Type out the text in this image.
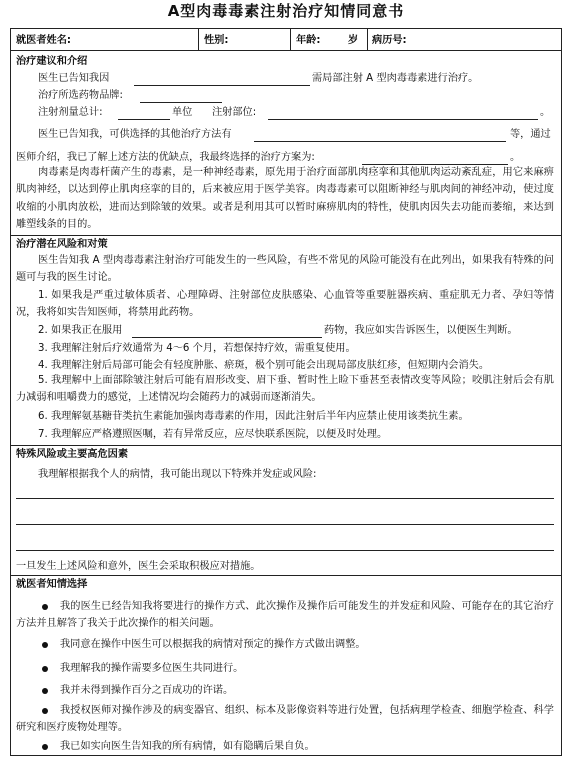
A型肉毒毒素注射治疗知情同意书
就医者姓名:	性别:	年龄:	岁 病历号:
治疗建议和介绍
医生已告知我因	需局部注射 A 型肉毒毒素进行治疗。
治疗所选药物品牌:
注射剂量总计:	单位 注射部位:	。
医生已告知我，可供选择的其他治疗方法有	等，通过
医师介绍，我已了解上述方法的优缺点，我最终选择的治疗方案为:	。
肉毒素是肉毒杆菌产生的毒素，是一种神经毒素，原先用于治疗面部肌肉痉挛和其他肌肉运动紊乱症，用它来麻痹肌肉神经，以达到停止肌肉痉挛的目的，后来被应用于医学美容。肉毒毒素可以阻断神经与肌肉间的神经冲动，使过度收缩的小肌肉放松，进而达到除皱的效果。或者是利用其可以暂时麻痹肌肉的特性，使肌肉因失去功能而萎缩，来达到雕塑线条的目的。
治疗潜在风险和对策
医生告知我 A 型肉毒毒素注射治疗可能发生的一些风险，有些不常见的风险可能没有在此列出，如果我有特殊的问题可与我的医生讨论。
1. 如果我是严重过敏体质者、心理障碍、注射部位皮肤感染、心血管等重要脏器疾病、重症肌无力者、孕妇等情况，我将如实告知医师，将禁用此药物。
2. 如果我正在服用	药物，我应如实告诉医生，以便医生判断。
3. 我理解注射后疗效通常为 4～6 个月，若想保持疗效，需重复使用。
4. 我理解注射后局部可能会有轻度肿胀、瘀斑，极个别可能会出现局部皮肤红疹，但短期内会消失。
5. 我理解中上面部除皱注射后可能有眉形改变、眉下垂、暂时性上睑下垂甚至表情改变等风险；咬肌注射后会有肌力减弱和咀嚼费力的感觉，上述情况均会随药力的减弱而逐渐消失。
6. 我理解氨基糖苷类抗生素能加强肉毒毒素的作用，因此注射后半年内应禁止使用该类抗生素。
7. 我理解应严格遵照医嘱，若有异常反应，应尽快联系医院，以便及时处理。
特殊风险或主要高危因素
我理解根据我个人的病情，我可能出现以下特殊并发症或风险:
一旦发生上述风险和意外，医生会采取积极应对措施。
就医者知情选择
我的医生已经告知我将要进行的操作方式、此次操作及操作后可能发生的并发症和风险、可能存在的其它治疗方法并且解答了我关于此次操作的相关问题。
我同意在操作中医生可以根据我的病情对预定的操作方式做出调整。
我理解我的操作需要多位医生共同进行。
我并未得到操作百分之百成功的许诺。
我授权医师对操作涉及的病变器官、组织、标本及影像资料等进行处置，包括病理学检查、细胞学检查、科学研究和医疗废物处理等。
我已如实向医生告知我的所有病情，如有隐瞒后果自负。
